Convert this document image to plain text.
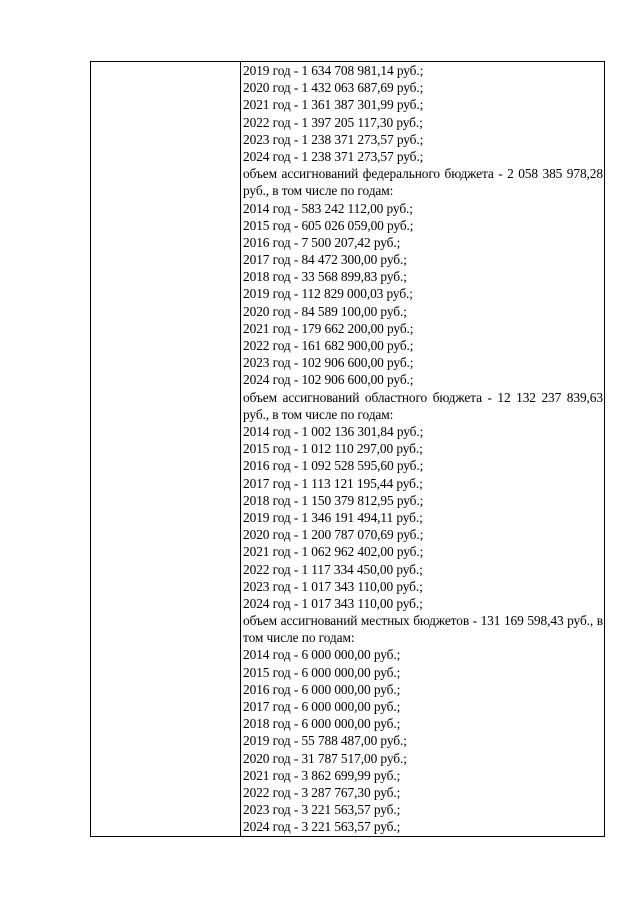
2019 год - 1 634 708 981,14 руб.;
2020 год - 1 432 063 687,69 руб.;
2021 год - 1 361 387 301,99 руб.;
2022 год - 1 397 205 117,30 руб.;
2023 год - 1 238 371 273,57 руб.;
2024 год - 1 238 371 273,57 руб.;
объем ассигнований федерального бюджета - 2 058 385 978,28 руб., в том числе по годам:
2014 год - 583 242 112,00 руб.;
2015 год - 605 026 059,00 руб.;
2016 год - 7 500 207,42 руб.;
2017 год - 84 472 300,00 руб.;
2018 год - 33 568 899,83 руб.;
2019 год - 112 829 000,03 руб.;
2020 год - 84 589 100,00 руб.;
2021 год - 179 662 200,00 руб.;
2022 год - 161 682 900,00 руб.;
2023 год - 102 906 600,00 руб.;
2024 год - 102 906 600,00 руб.;
объем ассигнований областного бюджета - 12 132 237 839,63 руб., в том числе по годам:
2014 год - 1 002 136 301,84 руб.;
2015 год - 1 012 110 297,00 руб.;
2016 год - 1 092 528 595,60 руб.;
2017 год - 1 113 121 195,44 руб.;
2018 год - 1 150 379 812,95 руб.;
2019 год - 1 346 191 494,11 руб.;
2020 год - 1 200 787 070,69 руб.;
2021 год - 1 062 962 402,00 руб.;
2022 год - 1 117 334 450,00 руб.;
2023 год - 1 017 343 110,00 руб.;
2024 год - 1 017 343 110,00 руб.;
объем ассигнований местных бюджетов - 131 169 598,43 руб., в том числе по годам:
2014 год - 6 000 000,00 руб.;
2015 год - 6 000 000,00 руб.;
2016 год - 6 000 000,00 руб.;
2017 год - 6 000 000,00 руб.;
2018 год - 6 000 000,00 руб.;
2019 год - 55 788 487,00 руб.;
2020 год - 31 787 517,00 руб.;
2021 год - 3 862 699,99 руб.;
2022 год - 3 287 767,30 руб.;
2023 год - 3 221 563,57 руб.;
2024 год - 3 221 563,57 руб.;
